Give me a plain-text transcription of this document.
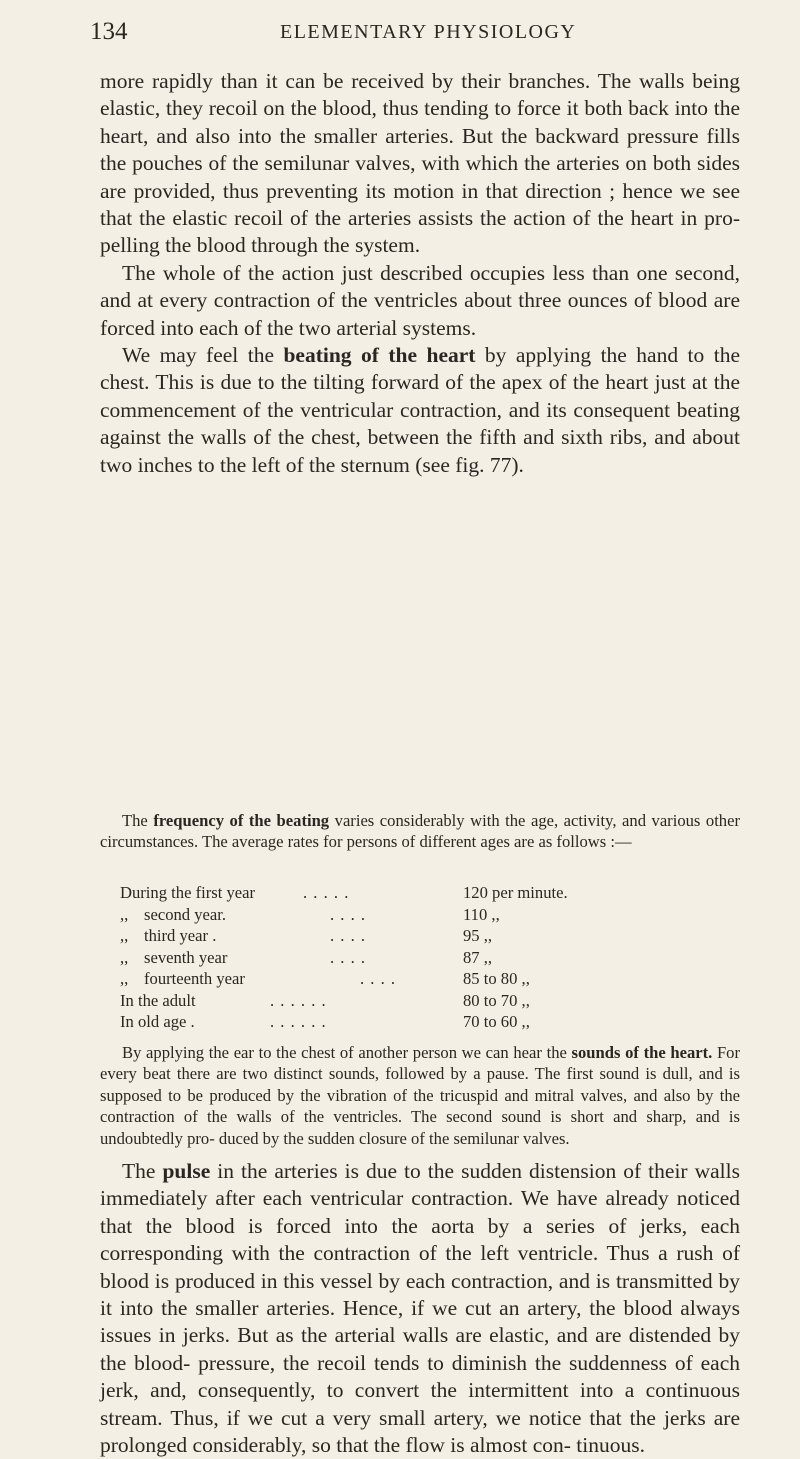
134	ELEMENTARY PHYSIOLOGY

more rapidly than it can be received by their branches. The walls being elastic, they recoil on the blood, thus tending to force it both back into the heart, and also into the smaller arteries. But the backward pressure fills the pouches of the semilunar valves, with which the arteries on both sides are provided, thus preventing its motion in that direction ; hence we see that the elastic recoil of the arteries assists the action of the heart in pro- pelling the blood through the system.

The whole of the action just described occupies less than one second, and at every contraction of the ventricles about three ounces of blood are forced into each of the two arterial systems.

We may feel the beating of the heart by applying the hand to the chest. This is due to the tilting forward of the apex of the heart just at the commencement of the ventricular contraction, and its consequent beating against the walls of the chest, between the fifth and sixth ribs, and about two inches to the left of the sternum (see fig. 77).

The frequency of the beating varies considerably with the age, activity, and various other circumstances. The average rates for persons of different ages are as follows :—

During the first year	. . . . .	120 per minute.
,, second year.	. . . .	110 ,,
,, third year .	. . . .	95 ,,
,, seventh year	. . . .	87 ,,
,, fourteenth year	. . . .	85 to 80 ,,
In the adult	. . . . . .	80 to 70 ,,
In old age .	. . . . . .	70 to 60 ,,

By applying the ear to the chest of another person we can hear the sounds of the heart. For every beat there are two distinct sounds, followed by a pause. The first sound is dull, and is supposed to be produced by the vibration of the tricuspid and mitral valves, and also by the contraction of the walls of the ventricles. The second sound is short and sharp, and is undoubtedly pro- duced by the sudden closure of the semilunar valves.

The pulse in the arteries is due to the sudden distension of their walls immediately after each ventricular contraction. We have already noticed that the blood is forced into the aorta by a series of jerks, each corresponding with the contraction of the left ventricle. Thus a rush of blood is produced in this vessel by each contraction, and is transmitted by it into the smaller arteries. Hence, if we cut an artery, the blood always issues in jerks. But as the arterial walls are elastic, and are distended by the blood- pressure, the recoil tends to diminish the suddenness of each jerk, and, consequently, to convert the intermittent into a continuous stream. Thus, if we cut a very small artery, we notice that the jerks are prolonged considerably, so that the flow is almost con- tinuous.
